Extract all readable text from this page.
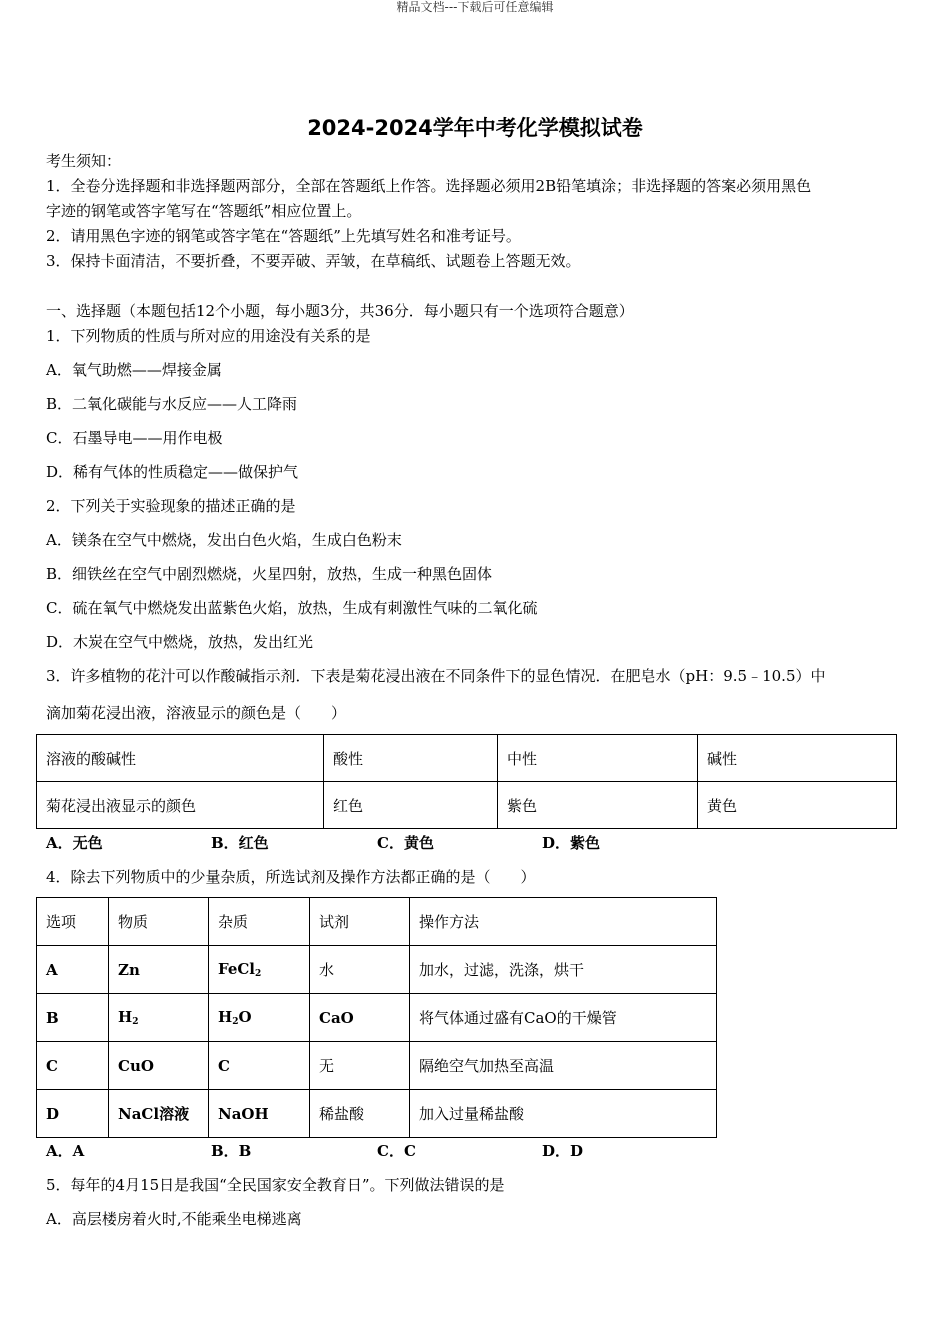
精品文档---下载后可任意编辑
2024-2024学年中考化学模拟试卷
考生须知：
1．全卷分选择题和非选择题两部分，全部在答题纸上作答。选择题必须用2B铅笔填涂；非选择题的答案必须用黑色
字迹的钢笔或答字笔写在“答题纸”相应位置上。
2．请用黑色字迹的钢笔或答字笔在“答题纸”上先填写姓名和准考证号。
3．保持卡面清洁，不要折叠，不要弄破、弄皱，在草稿纸、试题卷上答题无效。
一、选择题（本题包括12个小题，每小题3分，共36分．每小题只有一个选项符合题意）
1．下列物质的性质与所对应的用途没有关系的是
A．氧气助燃——焊接金属
B．二氧化碳能与水反应——人工降雨
C．石墨导电——用作电极
D．稀有气体的性质稳定——做保护气
2．下列关于实验现象的描述正确的是
A．镁条在空气中燃烧，发出白色火焰，生成白色粉末
B．细铁丝在空气中剧烈燃烧，火星四射，放热，生成一种黑色固体
C．硫在氧气中燃烧发出蓝紫色火焰，放热，生成有刺激性气味的二氧化硫
D．木炭在空气中燃烧，放热，发出红光
3．许多植物的花汁可以作酸碱指示剂．下表是菊花浸出液在不同条件下的显色情况．在肥皂水（pH：9.5﹣10.5）中
滴加菊花浸出液，溶液显示的颜色是（　　）
溶液的酸碱性	酸性	中性	碱性
菊花浸出液显示的颜色	红色	紫色	黄色
A．无色	B．红色	C．黄色	D．紫色
4．除去下列物质中的少量杂质，所选试剂及操作方法都正确的是（　　）
选项	物质	杂质	试剂	操作方法
A	Zn	FeCl$_2$	水	加水，过滤，洗涤，烘干
B	$H_2$	$H_2O$	CaO	将气体通过盛有CaO的干燥管
C	CuO	C	无	隔绝空气加热至高温
D	NaCl溶液	NaOH	稀盐酸	加入过量稀盐酸
A．A	B．B	C．C	D．D
5．每年的4月15日是我国“全民国家安全教育日”。下列做法错误的是
A．高层楼房着火时,不能乘坐电梯逃离
